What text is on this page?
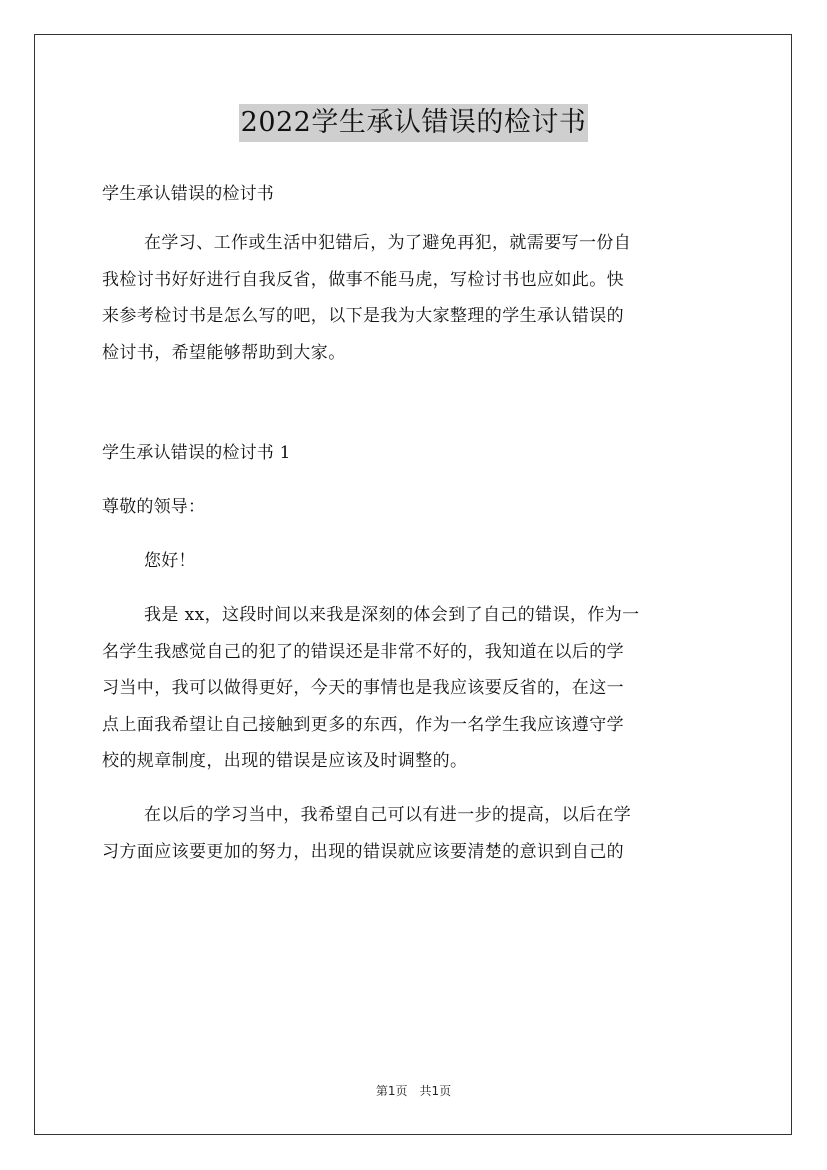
2022学生承认错误的检讨书

学生承认错误的检讨书

在学习、工作或生活中犯错后，为了避免再犯，就需要写一份自
我检讨书好好进行自我反省，做事不能马虎，写检讨书也应如此。快
来参考检讨书是怎么写的吧，以下是我为大家整理的学生承认错误的
检讨书，希望能够帮助到大家。

学生承认错误的检讨书 1

尊敬的领导：

您好！

我是 xx，这段时间以来我是深刻的体会到了自己的错误，作为一
名学生我感觉自己的犯了的错误还是非常不好的，我知道在以后的学
习当中，我可以做得更好，今天的事情也是我应该要反省的，在这一
点上面我希望让自己接触到更多的东西，作为一名学生我应该遵守学
校的规章制度，出现的错误是应该及时调整的。
在以后的学习当中，我希望自己可以有进一步的提高，以后在学
习方面应该要更加的努力，出现的错误就应该要清楚的意识到自己的
第1页　共1页
